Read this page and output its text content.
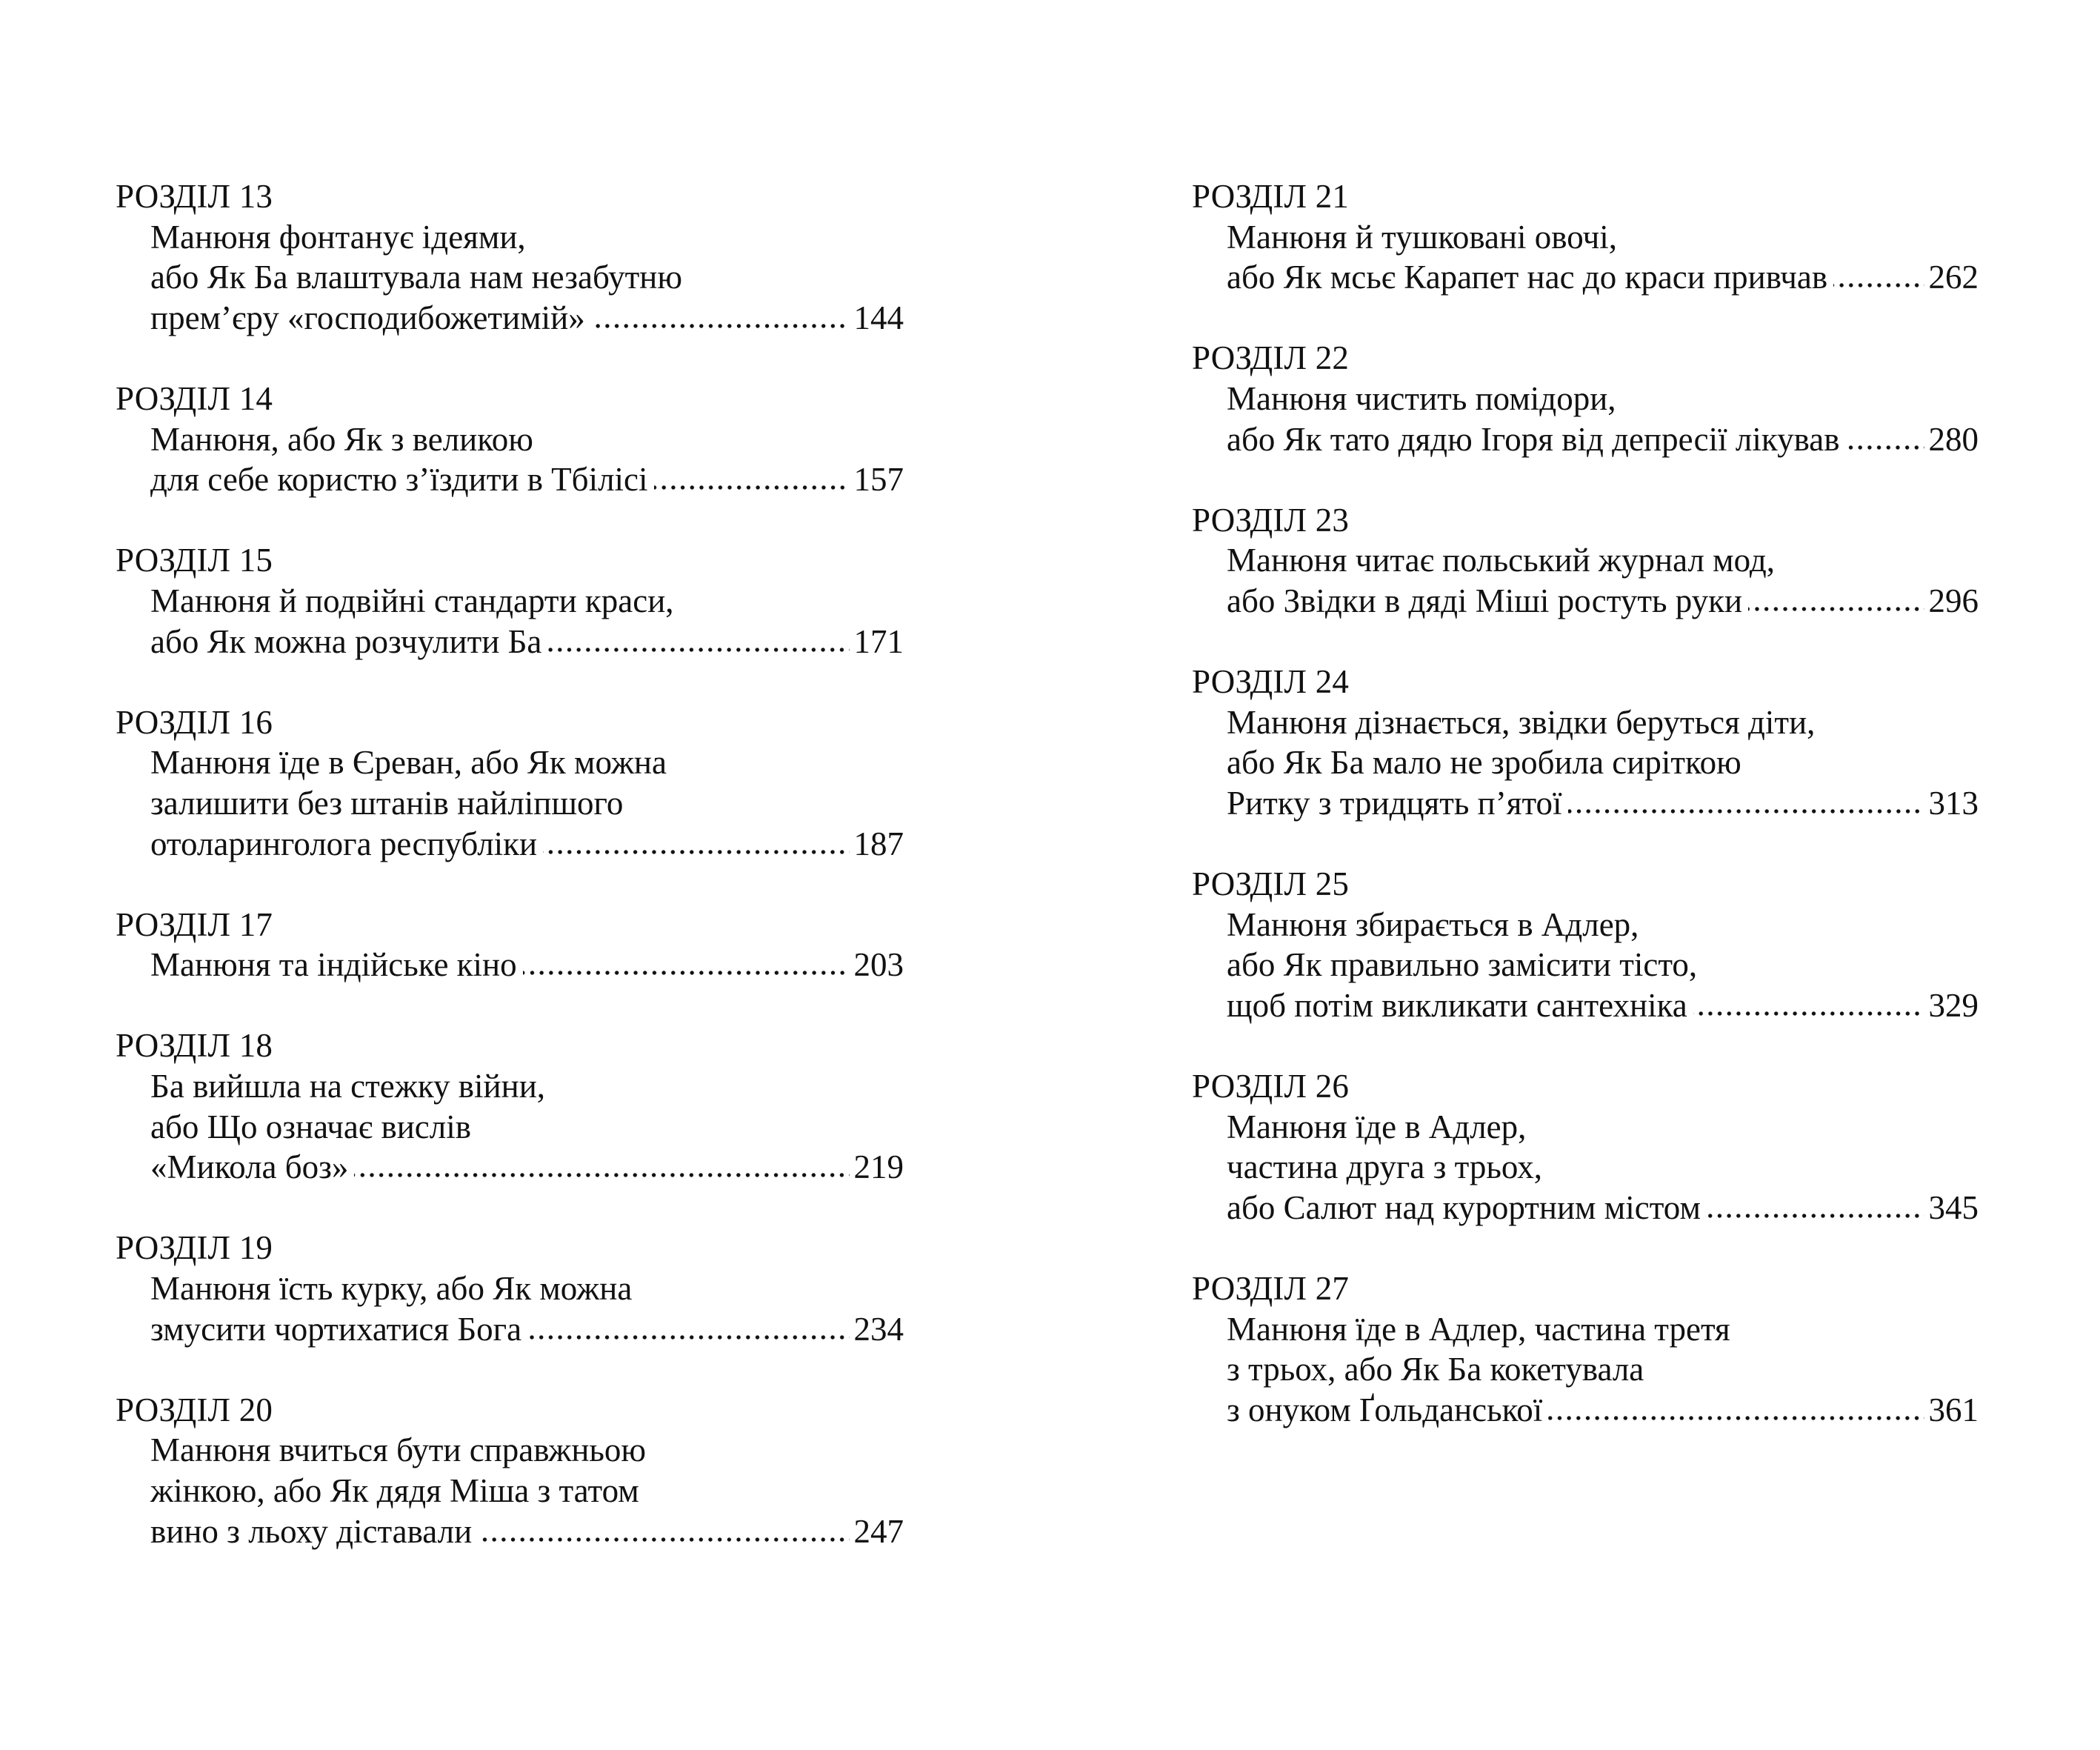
РОЗДІЛ 13
Манюня фонтанує ідеями,
або Як Ба влаштувала нам незабутню
прем’єру «господибожетимій»	144
РОЗДІЛ 14
Манюня, або Як з великою
для себе користю з’їздити в Тбілісі	157
РОЗДІЛ 15
Манюня й подвійні стандарти краси,
або Як можна розчулити Ба	171
РОЗДІЛ 16
Манюня їде в Єреван, або Як можна
залишити без штанів найліпшого
отоларинголога республіки	187
РОЗДІЛ 17
Манюня та індійське кіно	203
РОЗДІЛ 18
Ба вийшла на стежку війни,
або Що означає вислів
«Микола боз»	219
РОЗДІЛ 19
Манюня їсть курку, або Як можна
змусити чортихатися Бога	234
РОЗДІЛ 20
Манюня вчиться бути справжньою
жінкою, або Як дядя Міша з татом
вино з льоху діставали	247
РОЗДІЛ 21
Манюня й тушковані овочі,
або Як мсьє Карапет нас до краси привчав	262
РОЗДІЛ 22
Манюня чистить помідори,
або Як тато дядю Ігоря від депресії лікував	280
РОЗДІЛ 23
Манюня читає польський журнал мод,
або Звідки в дяді Міші ростуть руки	296
РОЗДІЛ 24
Манюня дізнається, звідки беруться діти,
або Як Ба мало не зробила сиріткою
Ритку з тридцять п’ятої	313
РОЗДІЛ 25
Манюня збирається в Адлер,
або Як правильно замісити тісто,
щоб потім викликати сантехніка	329
РОЗДІЛ 26
Манюня їде в Адлер,
частина друга з трьох,
або Салют над курортним містом	345
РОЗДІЛ 27
Манюня їде в Адлер, частина третя
з трьох, або Як Ба кокетувала
з онуком Ґольданської	361
